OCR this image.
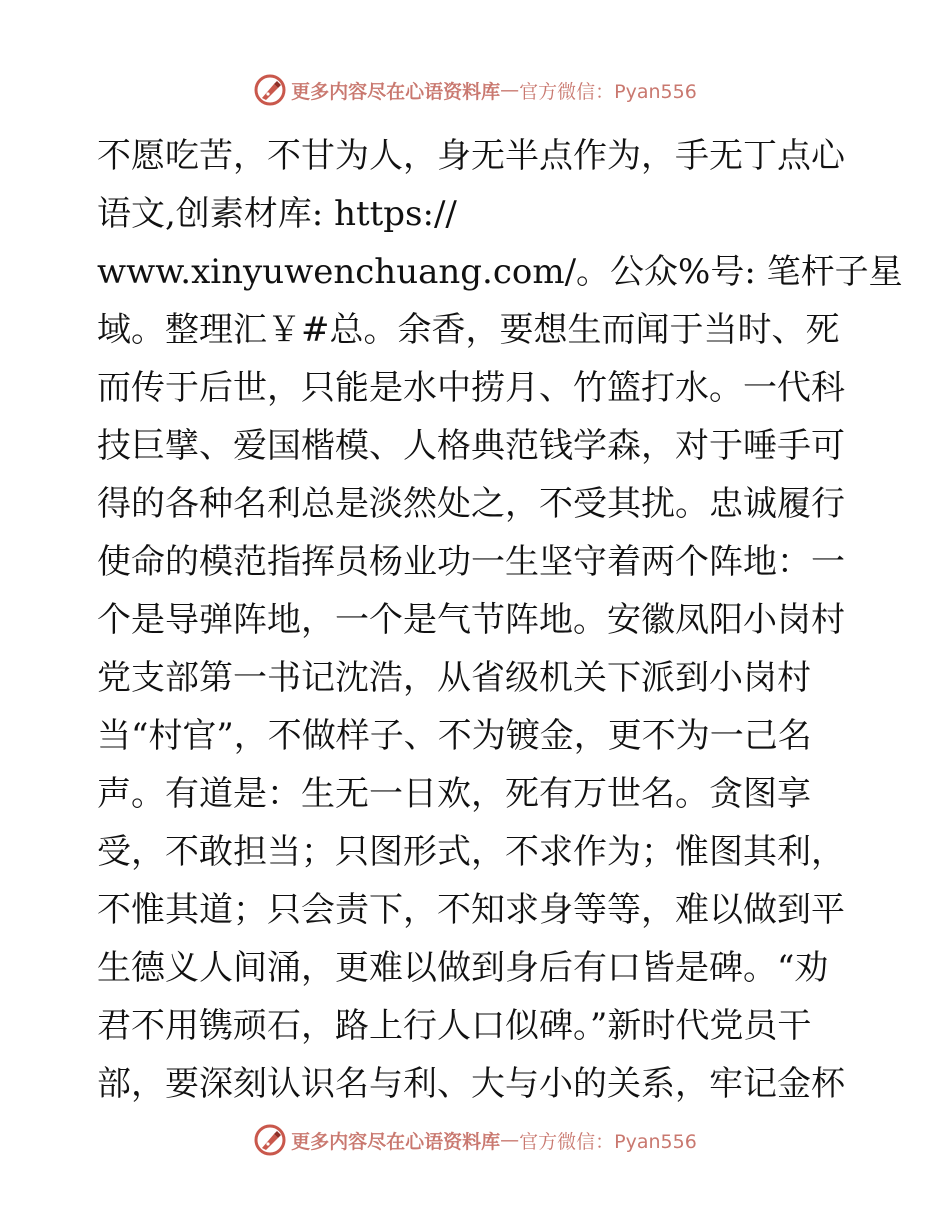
更多内容尽在心语资料库 — 官方微信：Pyan556
不愿吃苦，不甘为人，身无半点作为，手无丁点心
语文,创素材库: https://
www.xinyuwenchuang.com/。公众%号: 笔杆子星
域。整理汇￥#总。余香，要想生而闻于当时、死
而传于后世，只能是水中捞月、竹篮打水。一代科
技巨擘、爱国楷模、人格典范钱学森，对于唾手可
得的各种名利总是淡然处之，不受其扰。忠诚履行
使命的模范指挥员杨业功一生坚守着两个阵地：一
个是导弹阵地，一个是气节阵地。安徽凤阳小岗村
党支部第一书记沈浩，从省级机关下派到小岗村
当“村官”，不做样子、不为镀金，更不为一己名
声。有道是：生无一日欢，死有万世名。贪图享
受，不敢担当；只图形式，不求作为；惟图其利，
不惟其道；只会责下，不知求身等等，难以做到平
生德义人间涌，更难以做到身后有口皆是碑。“劝
君不用镌顽石，路上行人口似碑。”新时代党员干
部，要深刻认识名与利、大与小的关系，牢记金杯
更多内容尽在心语资料库 — 官方微信：Pyan556
